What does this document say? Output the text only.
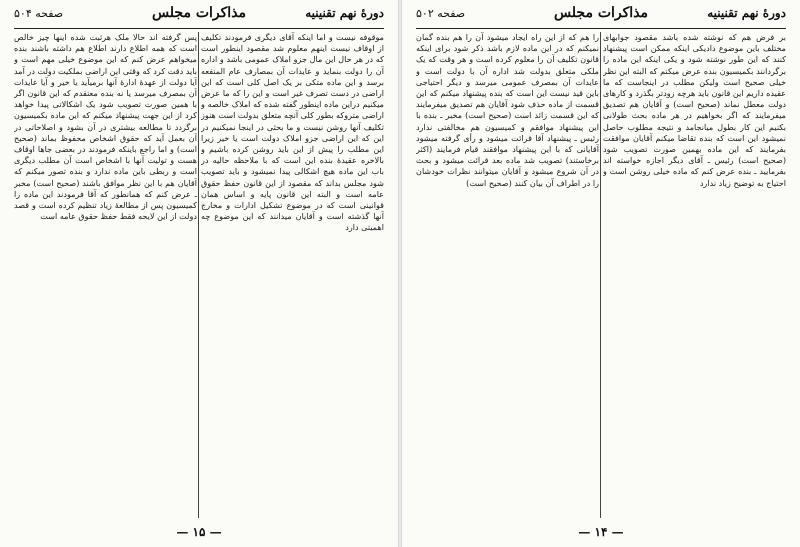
دورهٔ نهم تقنينيه
مذاکرات مجلس
صفحه ۵۰۴
موقوفه نیست و اما اینکه آقای دیگری فرمودند تکلیف از اوقاف نیست اینهم معلوم شد مقصود اینطور است که در هر حال این مال جزو املاک عمومی باشد و اداره آن را دولت بنماید و عایدات آن بمصارف عام المنفعه برسد و این ماده متکی بر یک اصل کلی است که این اراضی در دست تصرف غیر است و این را که ما عرض میکنیم دراین ماده اینطور گفته شده که املاک خالصه و اراضی متروکه بطور کلی آنچه متعلق بدولت است هنوز تکلیف آنها روشن نیست و ما بحثی در اینجا نمیکنیم در این که این اراضی جزو املاک دولت است یا خیر زیرا این مطلب را پیش از این باید روشن کرده باشیم و بالاخره عقیدهٔ بنده این است که با ملاحظه حالیه در باب این ماده هیچ اشکالی پیدا نمیشود و باید تصویب شود مجلس بداند که مقصود از این قانون حفظ حقوق عامه است و البته این قانون پایه و اساس همان قوانینی است که در موضوع تشکیل ادارات و مخارج آنها گذشته است و آقایان میدانند که این موضوع چه اهمیتی دارد
پس گرفته اند حالا ملک هرثبت شده اینها چیز خالص است که همه اطلاع دارند اطلاع هم داشته باشند بنده میخواهم عرض کنم که این موضوع خیلی مهم است و باید دقت کرد که وقتی این اراضی بملکیت دولت در آمد آیا دولت از عهدهٔ ادارهٔ آنها برمیآید یا خیر و آیا عایدات آن بمصرف میرسد یا نه بنده معتقدم که این قانون اگر با همین صورت تصویب شود یک اشکالاتی پیدا خواهد کرد از این جهت پیشنهاد میکنم که این ماده بکمیسیون برگردد تا مطالعه بیشتری در آن بشود و اصلاحاتی در آن بعمل آید که حقوق اشخاص محفوظ بماند (صحیح است) و اما راجع باینکه فرمودند در بعضی جاها اوقاف هست و تولیت آنها با اشخاص است آن مطلب دیگری است و ربطی باین ماده ندارد و بنده تصور میکنم که آقایان هم با این نظر موافق باشند (صحیح است) مخبر ـ عرض کنم که همانطور که آقا فرمودند این ماده را کمیسیون پس از مطالعهٔ زیاد تنظیم کرده است و قصد دولت از این لایحه فقط حفظ حقوق عامه است
— ۱۵ —
دورهٔ نهم تقنينيه
مذاکرات مجلس
صفحه ۵۰۲
بر فرض هم که نوشته شده باشد مقصود جوابهای مختلف باین موضوع دادیکی اینکه ممکن است پیشنهاد کنند که این طور نوشته شود و یکی اینکه این ماده را برگردانند بکمیسیون بنده عرض میکنم که البته این نظر خیلی صحیح است ولیکن مطلب در اینجاست که ما عقیده داریم این قانون باید هرچه زودتر بگذرد و کارهای دولت معطل نماند (صحیح است) و آقایان هم تصدیق میفرمایند که اگر بخواهیم در هر ماده بحث طولانی بکنیم این کار بطول میانجامد و نتیجه مطلوب حاصل نمیشود این است که بنده تقاضا میکنم آقایان موافقت بفرمایند که این ماده بهمین صورت تصویب شود (صحیح است) رئیس ـ آقای دیگر اجازه خواسته اند بفرمایید ـ بنده عرض کنم که ماده خیلی روشن است و احتیاج به توضیح زیاد ندارد
را هم که از این راه ایجاد میشود آن را هم بنده گمان نمیکنم که در این ماده لازم باشد ذکر شود برای اینکه قانون تکلیف آن را معلوم کرده است و هر وقت که یک ملکی متعلق بدولت شد اداره آن با دولت است و عایدات آن بمصرف عمومی میرسد و دیگر احتیاجی باین قید نیست این است که بنده پیشنهاد میکنم که این قسمت از ماده حذف شود آقایان هم تصدیق میفرمایند که این قسمت زائد است (صحیح است) مخبر ـ بنده با این پیشنهاد موافقم و کمیسیون هم مخالفتی ندارد رئیس ـ پیشنهاد آقا قرائت میشود و رأی گرفته میشود آقایانی که با این پیشنهاد موافقند قیام فرمایند (اکثر برخاستند) تصویب شد ماده بعد قرائت میشود و بحث در آن شروع میشود و آقایان میتوانند نظرات خودشان را در اطراف آن بیان کنند (صحیح است)
— ۱۴ —
